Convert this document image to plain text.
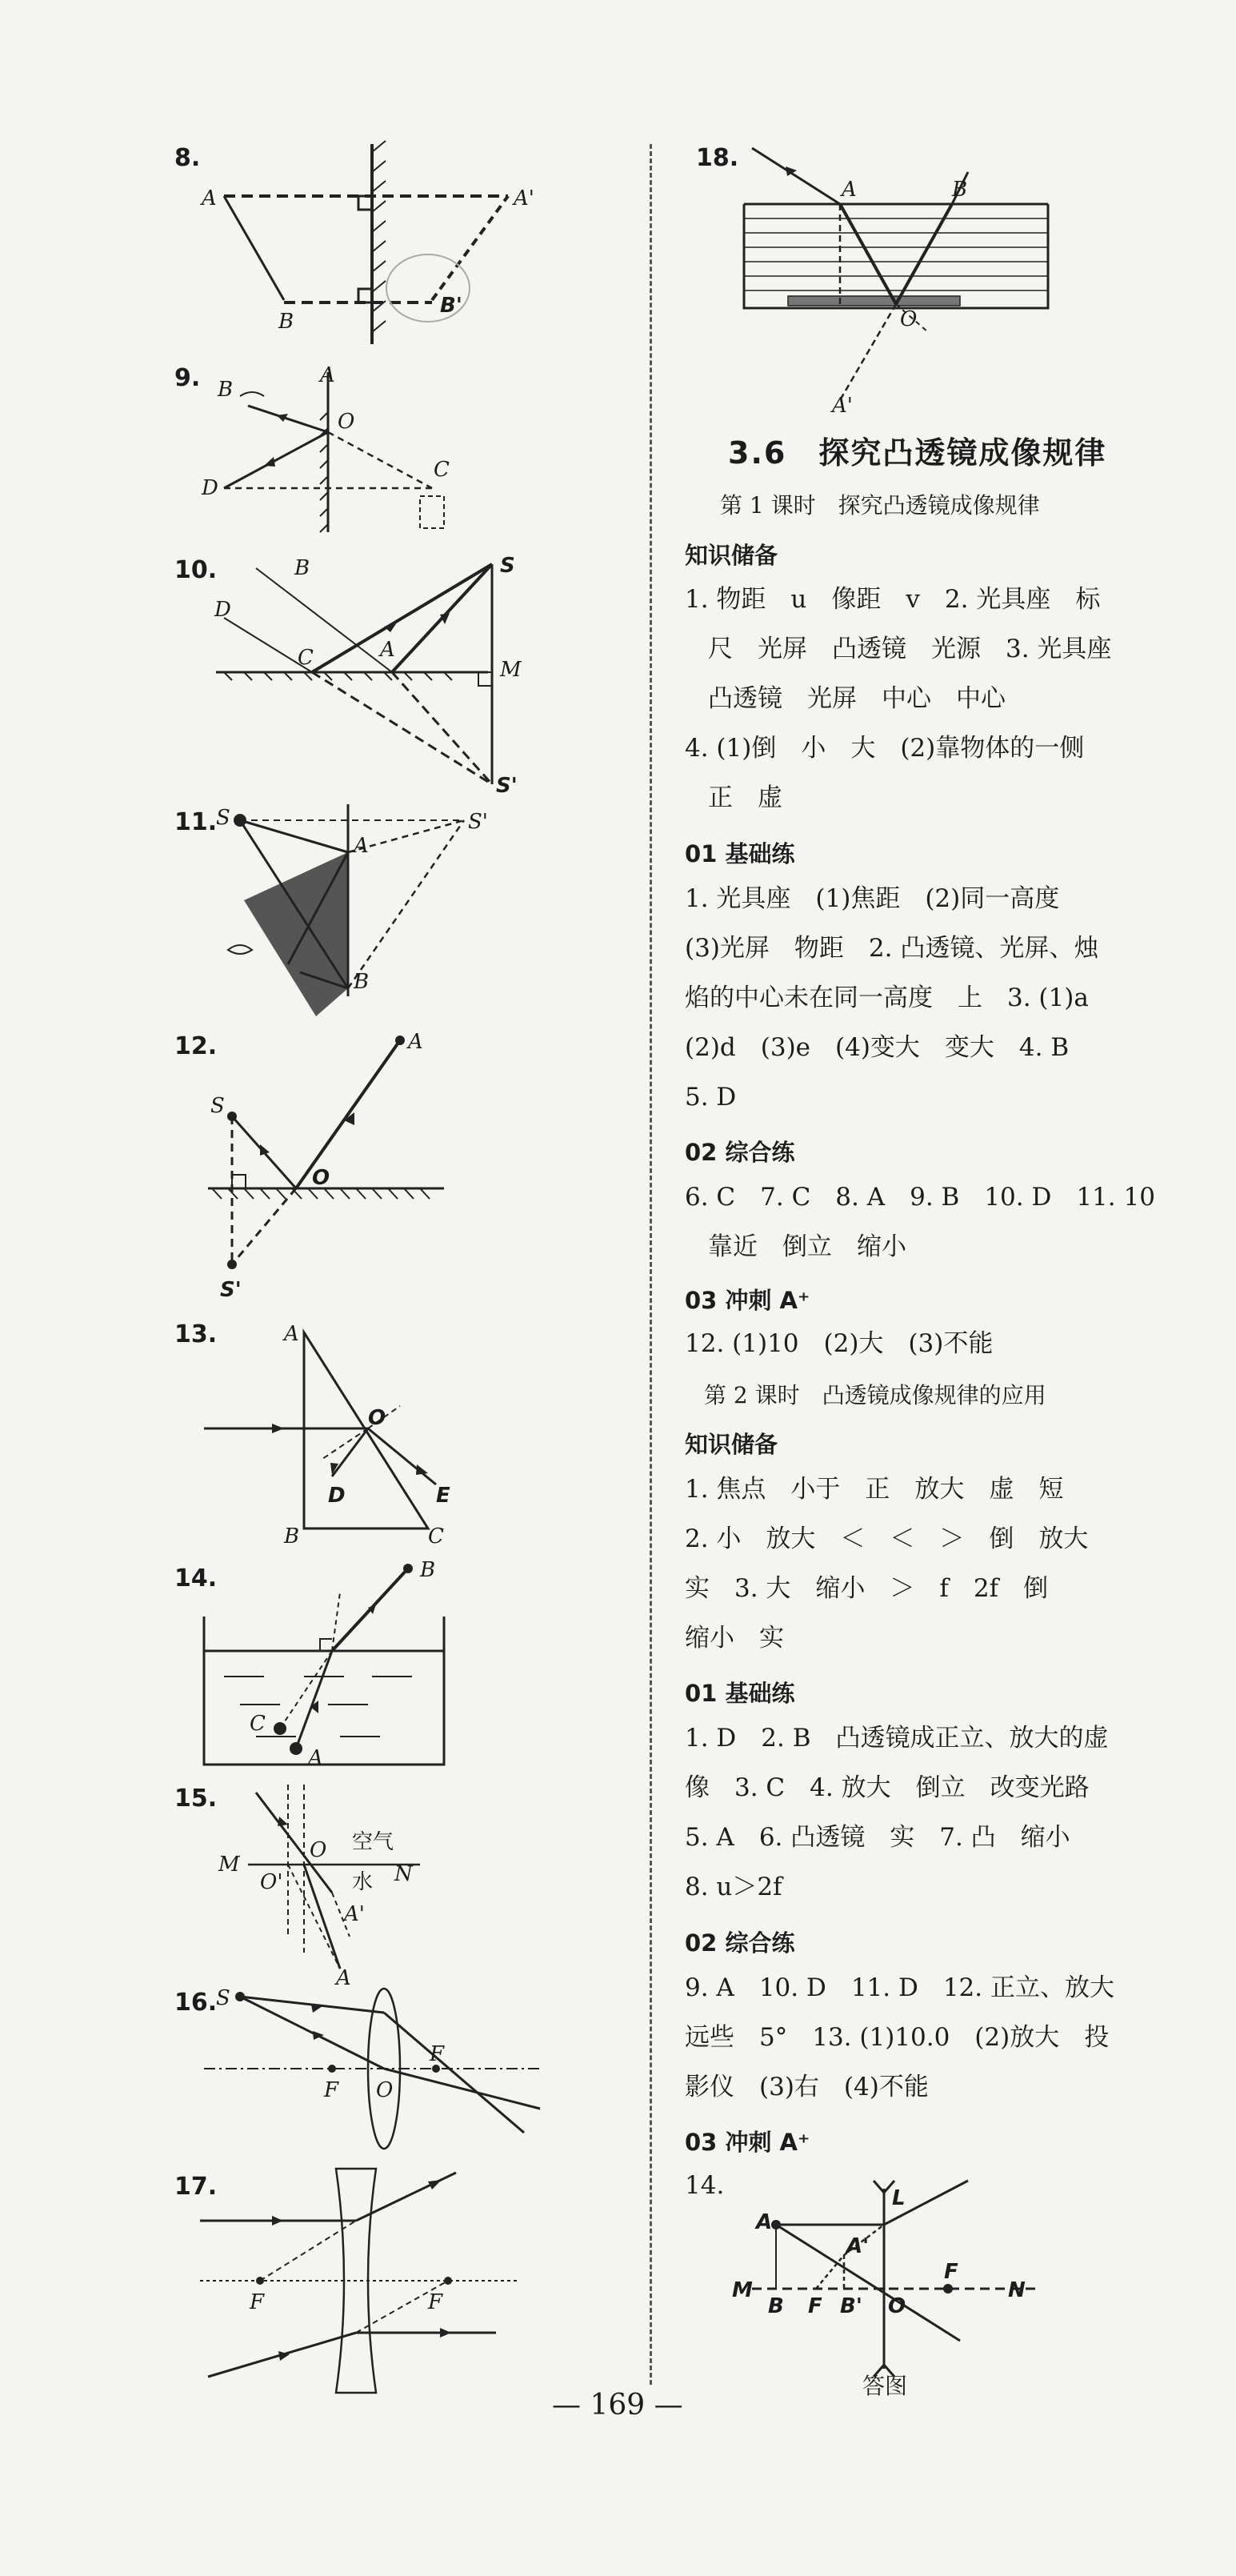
8.
A	A'
B
B'
9. B
A
O
D
C
10.	B
D
C	A
S
M
S'
11.
S	S'
A
B
12.	A
S
O
S'
13.	A
O
D	E
B	C
14.	B
C
A
15.
M
O
O'	N
A'
A
空气
水
16.
S
F O
F
17.
F	F
18.
A	B
O
A'
3.6　探究凸透镜成像规律
第 1 课时　探究凸透镜成像规律
知识储备
1. 物距　u　像距　v　2. 光具座　标
尺　光屏　凸透镜　光源　3. 光具座
凸透镜　光屏　中心　中心
4. (1)倒　小　大　(2)靠物体的一侧
正　虚
01 基础练
1. 光具座　(1)焦距　(2)同一高度
(3)光屏　物距　2. 凸透镜、光屏、烛
焰的中心未在同一高度　上　3. (1)a
(2)d　(3)e　(4)变大　变大　4. B
5. D
02 综合练
6. C　7. C　8. A　9. B　10. D　11. 10
靠近　倒立　缩小
03 冲刺 A⁺
12. (1)10　(2)大　(3)不能
第 2 课时　凸透镜成像规律的应用
知识储备
1. 焦点　小于　正　放大　虚　短
2. 小　放大　＜　＜　＞　倒　放大
实　3. 大　缩小　＞　f　2f　倒
缩小　实
01 基础练
1. D　2. B　凸透镜成正立、放大的虚
像　3. C　4. 放大　倒立　改变光路
5. A　6. 凸透镜　实　7. 凸　缩小
8. u＞2f
02 综合练
9. A　10. D　11. D　12. 正立、放大
远些　5°　13. (1)10.0　(2)放大　投
影仪　(3)右　(4)不能
03 冲刺 A⁺
14.	L
A
A'
M
B F B' O
F
N
答图
— 169 —
